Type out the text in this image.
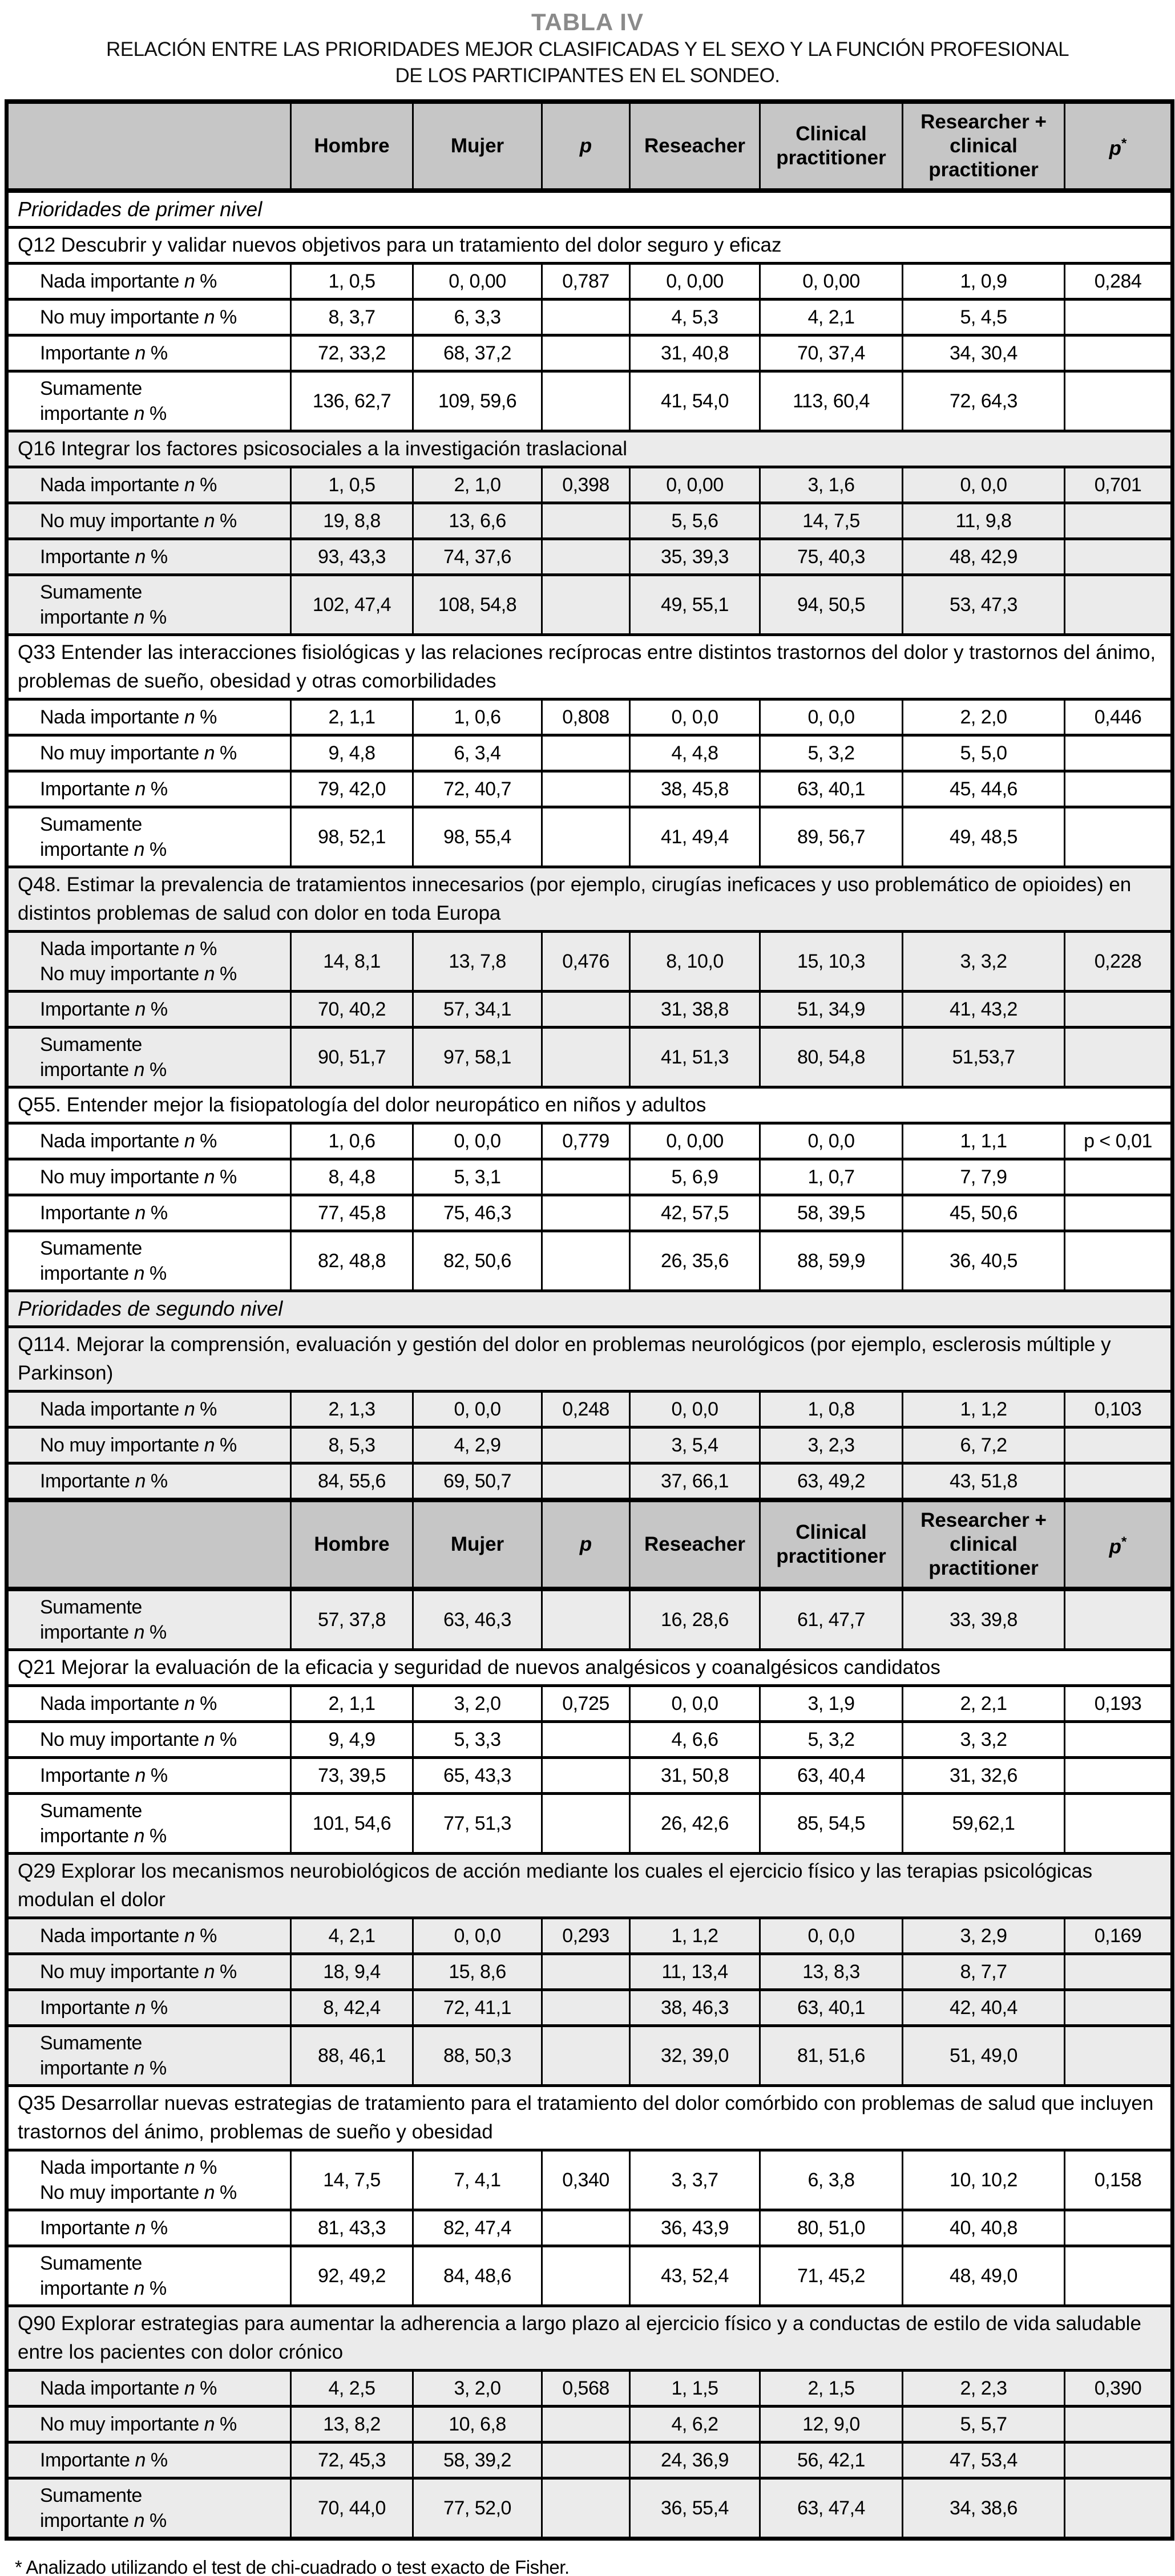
TABLA IV
RELACIÓN ENTRE LAS PRIORIDADES MEJOR CLASIFICADAS Y EL SEXO Y LA FUNCIÓN PROFESIONAL
DE LOS PARTICIPANTES EN EL SONDEO.
	Hombre	Mujer	p	Reseacher	Clinical practitioner	Researcher + clinical practitioner	p*
Prioridades de primer nivel							
Q12 Descubrir y validar nuevos objetivos para un tratamiento del dolor seguro y eficaz							
Nada importante n %	1, 0,5	0, 0,00	0,787	0, 0,00	0, 0,00	1, 0,9	0,284
No muy importante n %	8, 3,7	6, 3,3		4, 5,3	4, 2,1	5, 4,5	
Importante n %	72, 33,2	68, 37,2		31, 40,8	70, 37,4	34, 30,4	
Sumamente
importante n %	136, 62,7	109, 59,6		41, 54,0	113, 60,4	72, 64,3	
Q16 Integrar los factores psicosociales a la investigación traslacional							
Nada importante n %	1, 0,5	2, 1,0	0,398	0, 0,00	3, 1,6	0, 0,0	0,701
No muy importante n %	19, 8,8	13, 6,6		5, 5,6	14, 7,5	11, 9,8	
Importante n %	93, 43,3	74, 37,6		35, 39,3	75, 40,3	48, 42,9	
Sumamente
importante n %	102, 47,4	108, 54,8		49, 55,1	94, 50,5	53, 47,3	
Q33 Entender las interacciones fisiológicas y las relaciones recíprocas entre distintos trastornos del dolor y trastornos del ánimo, problemas de sueño, obesidad y otras comorbilidades							
Nada importante n %	2, 1,1	1, 0,6	0,808	0, 0,0	0, 0,0	2, 2,0	0,446
No muy importante n %	9, 4,8	6, 3,4		4, 4,8	5, 3,2	5, 5,0	
Importante n %	79, 42,0	72, 40,7		38, 45,8	63, 40,1	45, 44,6	
Sumamente
importante n %	98, 52,1	98, 55,4		41, 49,4	89, 56,7	49, 48,5	
Q48. Estimar la prevalencia de tratamientos innecesarios (por ejemplo, cirugías ineficaces y uso problemático de opioides) en distintos problemas de salud con dolor en toda Europa							
Nada importante n %
No muy importante n %	14, 8,1	13, 7,8	0,476	8, 10,0	15, 10,3	3, 3,2	0,228
Importante n %	70, 40,2	57, 34,1		31, 38,8	51, 34,9	41, 43,2	
Sumamente
importante n %	90, 51,7	97, 58,1		41, 51,3	80, 54,8	51,53,7	
Q55. Entender mejor la fisiopatología del dolor neuropático en niños y adultos							
Nada importante n %	1, 0,6	0, 0,0	0,779	0, 0,00	0, 0,0	1, 1,1	p < 0,01
No muy importante n %	8, 4,8	5, 3,1		5, 6,9	1, 0,7	7, 7,9	
Importante n %	77, 45,8	75, 46,3		42, 57,5	58, 39,5	45, 50,6	
Sumamente
importante n %	82, 48,8	82, 50,6		26, 35,6	88, 59,9	36, 40,5	
Prioridades de segundo nivel							
Q114. Mejorar la comprensión, evaluación y gestión del dolor en problemas neurológicos (por ejemplo, esclerosis múltiple y Parkinson)							
Nada importante n %	2, 1,3	0, 0,0	0,248	0, 0,0	1, 0,8	1, 1,2	0,103
No muy importante n %	8, 5,3	4, 2,9		3, 5,4	3, 2,3	6, 7,2	
Importante n %	84, 55,6	69, 50,7		37, 66,1	63, 49,2	43, 51,8	
	Hombre	Mujer	p	Reseacher	Clinical practitioner	Researcher + clinical practitioner	p*
Sumamente
importante n %	57, 37,8	63, 46,3		16, 28,6	61, 47,7	33, 39,8	
Q21 Mejorar la evaluación de la eficacia y seguridad de nuevos analgésicos y coanalgésicos candidatos							
Nada importante n %	2, 1,1	3, 2,0	0,725	0, 0,0	3, 1,9	2, 2,1	0,193
No muy importante n %	9, 4,9	5, 3,3		4, 6,6	5, 3,2	3, 3,2	
Importante n %	73, 39,5	65, 43,3		31, 50,8	63, 40,4	31, 32,6	
Sumamente
importante n %	101, 54,6	77, 51,3		26, 42,6	85, 54,5	59,62,1	
Q29 Explorar los mecanismos neurobiológicos de acción mediante los cuales el ejercicio físico y las terapias psicológicas modulan el dolor							
Nada importante n %	4, 2,1	0, 0,0	0,293	1, 1,2	0, 0,0	3, 2,9	0,169
No muy importante n %	18, 9,4	15, 8,6		11, 13,4	13, 8,3	8, 7,7	
Importante n %	8, 42,4	72, 41,1		38, 46,3	63, 40,1	42, 40,4	
Sumamente
importante n %	88, 46,1	88, 50,3		32, 39,0	81, 51,6	51, 49,0	
Q35 Desarrollar nuevas estrategias de tratamiento para el tratamiento del dolor comórbido con problemas de salud que incluyen trastornos del ánimo, problemas de sueño y obesidad							
Nada importante n %
No muy importante n %	14, 7,5	7, 4,1	0,340	3, 3,7	6, 3,8	10, 10,2	0,158
Importante n %	81, 43,3	82, 47,4		36, 43,9	80, 51,0	40, 40,8	
Sumamente
importante n %	92, 49,2	84, 48,6		43, 52,4	71, 45,2	48, 49,0	
Q90 Explorar estrategias para aumentar la adherencia a largo plazo al ejercicio físico y a conductas de estilo de vida saludable entre los pacientes con dolor crónico							
Nada importante n %	4, 2,5	3, 2,0	0,568	1, 1,5	2, 1,5	2, 2,3	0,390
No muy importante n %	13, 8,2	10, 6,8		4, 6,2	12, 9,0	5, 5,7	
Importante n %	72, 45,3	58, 39,2		24, 36,9	56, 42,1	47, 53,4	
Sumamente
importante n %	70, 44,0	77, 52,0		36, 55,4	63, 47,4	34, 38,6	
* Analizado utilizando el test de chi-cuadrado o test exacto de Fisher.
